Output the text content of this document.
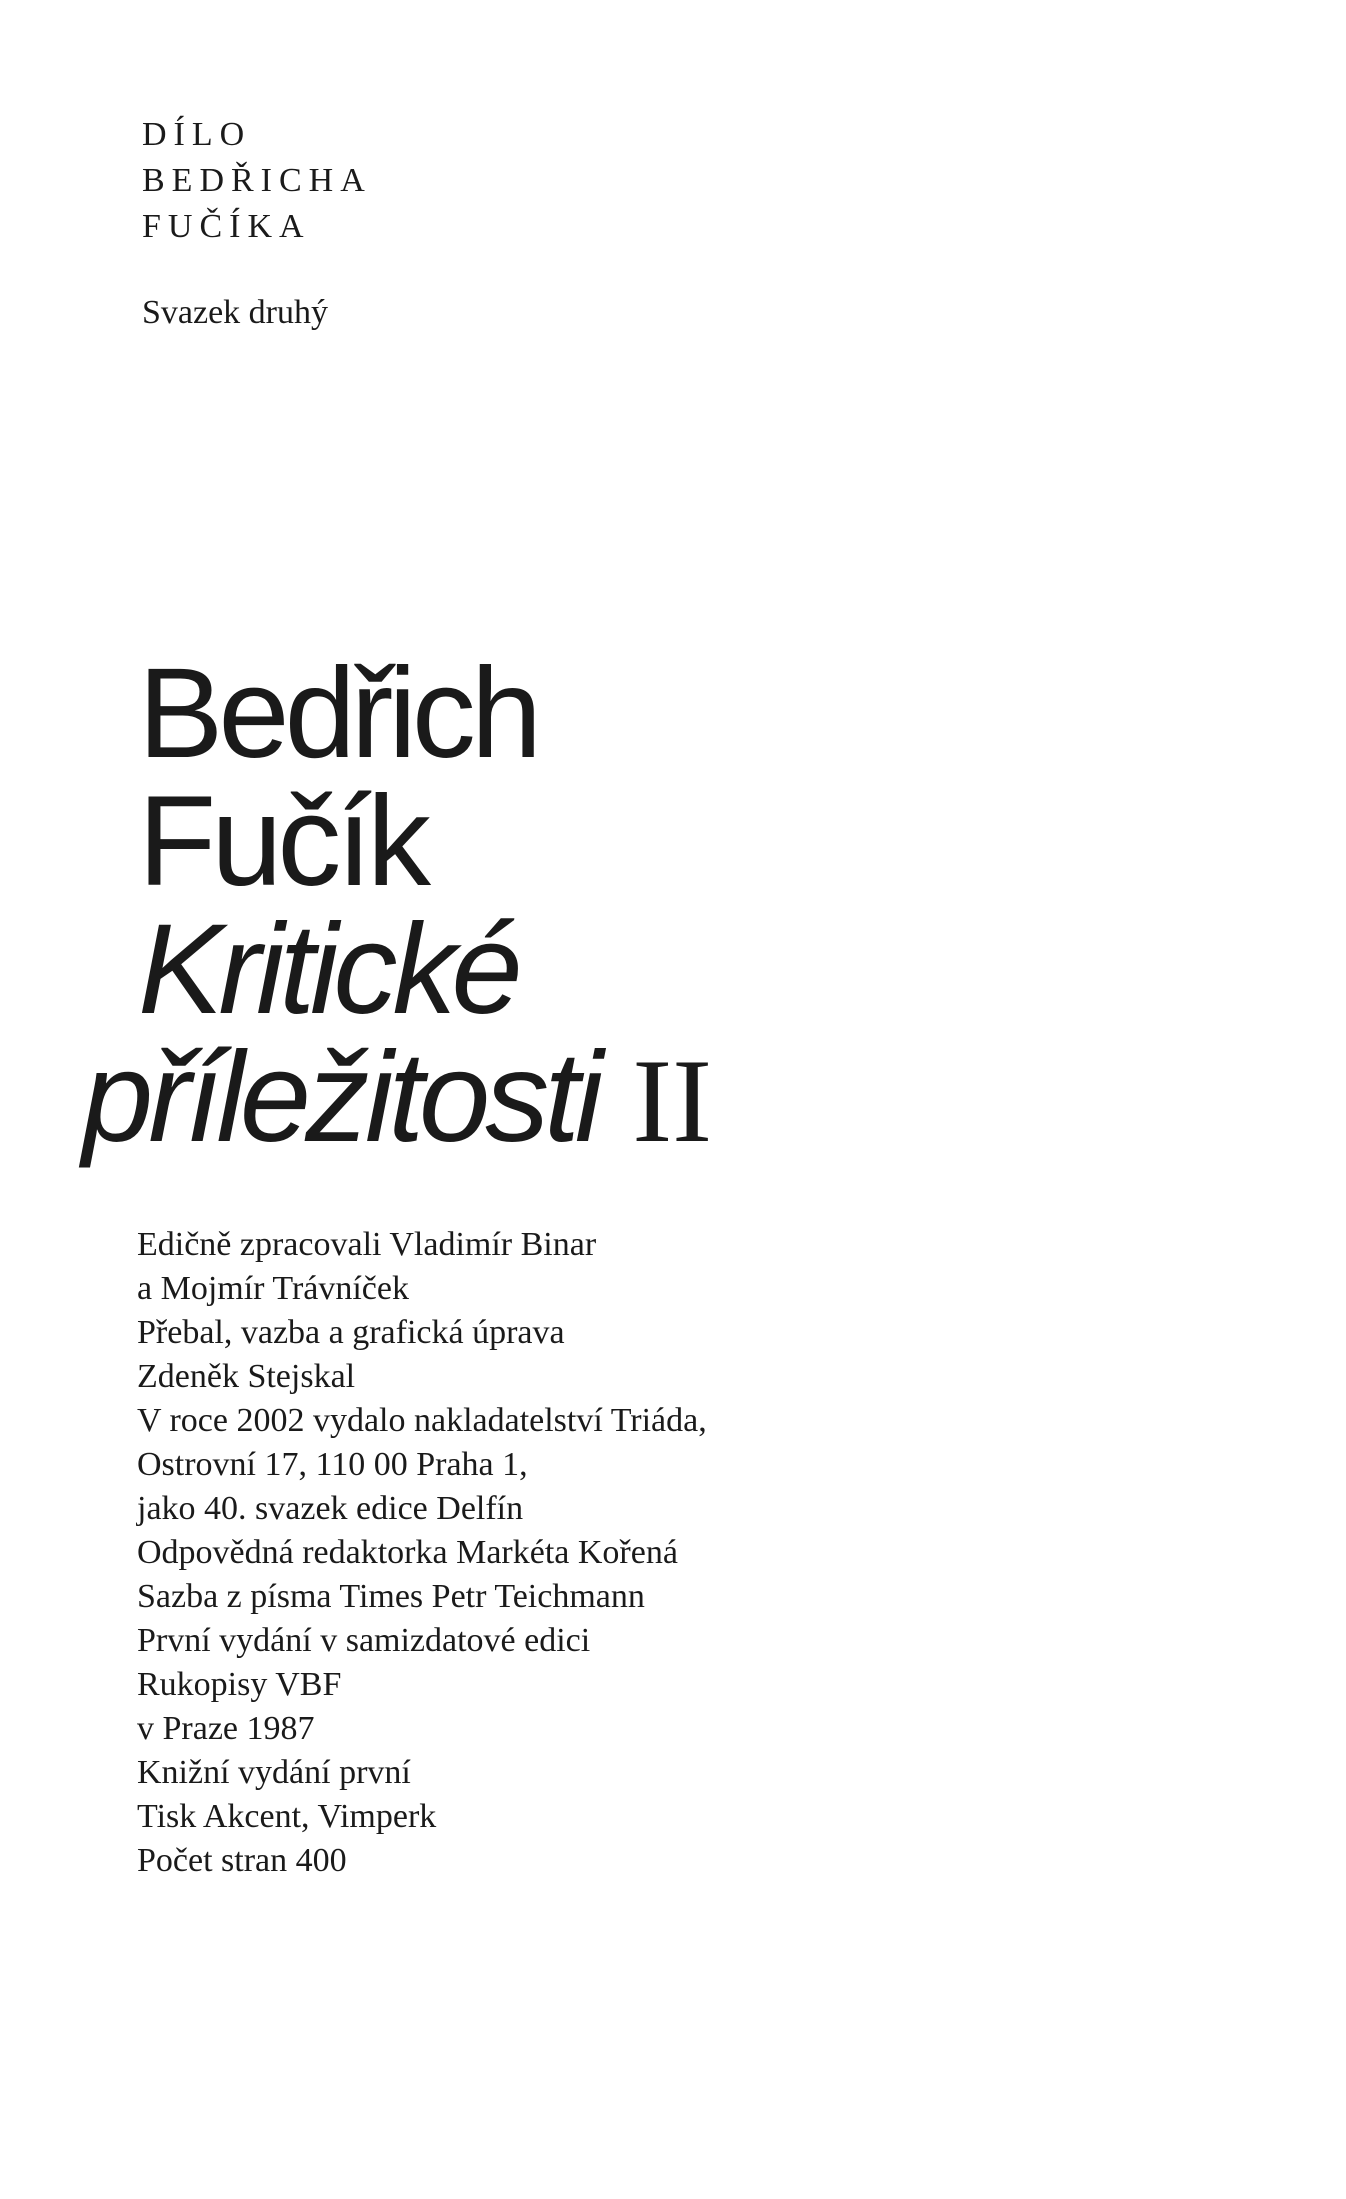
DÍLO
BEDŘICHA
FUČÍKA
Svazek druhý
Bedřich
Fučík
Kritické
příležitosti II
Edičně zpracovali Vladimír Binar
a Mojmír Trávníček
Přebal, vazba a grafická úprava
Zdeněk Stejskal
V roce 2002 vydalo nakladatelství Triáda,
Ostrovní 17, 110 00 Praha 1,
jako 40. svazek edice Delfín
Odpovědná redaktorka Markéta Kořená
Sazba z písma Times Petr Teichmann
První vydání v samizdatové edici
Rukopisy VBF
v Praze 1987
Knižní vydání první
Tisk Akcent, Vimperk
Počet stran 400
